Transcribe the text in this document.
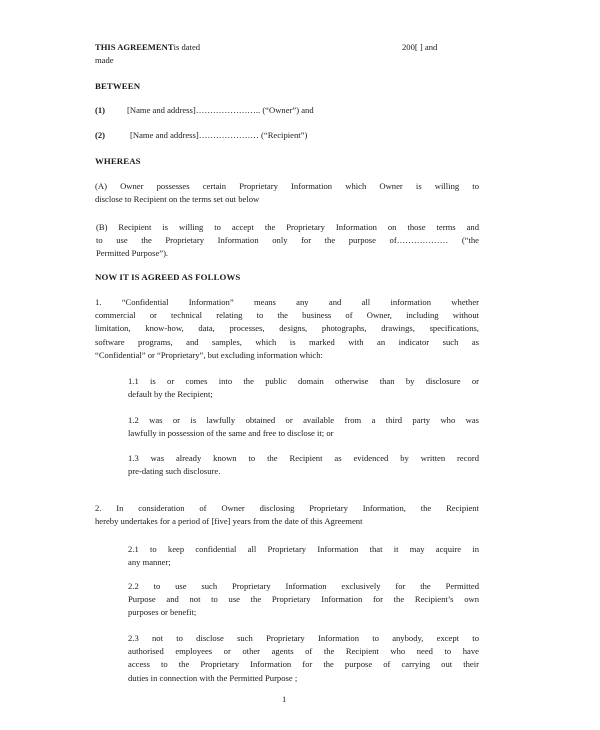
THIS AGREEMENTis dated	200[ ] and
made
BETWEEN
(1)	[Name and address]………………….. (“Owner”) and
(2)	[Name and address]………………… (“Recipient”)
WHEREAS
(A) Owner possesses certain Proprietary Information which Owner is willing to
disclose to Recipient on the terms set out below
(B) Recipient is willing to accept the Proprietary Information on those terms and
to use the Proprietary Information only for the purpose of……………… (“the
Permitted Purpose”).
NOW IT IS AGREED AS FOLLOWS
1. “Confidential Information” means any and all information whether
commercial or technical relating to the business of Owner, including without
limitation, know-how, data, processes, designs, photographs, drawings, specifications,
software programs, and samples, which is marked with an indicator such as
“Confidential” or “Proprietary”, but excluding information which:
1.1 is or comes into the public domain otherwise than by disclosure or
default by the Recipient;
1.2 was or is lawfully obtained or available from a third party who was
lawfully in possession of the same and free to disclose it; or
1.3 was already known to the Recipient as evidenced by written record
pre-dating such disclosure.
2. In consideration of Owner disclosing Proprietary Information, the Recipient
hereby undertakes for a period of [five] years from the date of this Agreement
2.1 to keep confidential all Proprietary Information that it may acquire in
any manner;
2.2 to use such Proprietary Information exclusively for the Permitted
Purpose and not to use the Proprietary Information for the Recipient’s own
purposes or benefit;
2.3 not to disclose such Proprietary Information to anybody, except to
authorised employees or other agents of the Recipient who need to have
access to the Proprietary Information for the purpose of carrying out their
duties in connection with the Permitted Purpose ;
1
